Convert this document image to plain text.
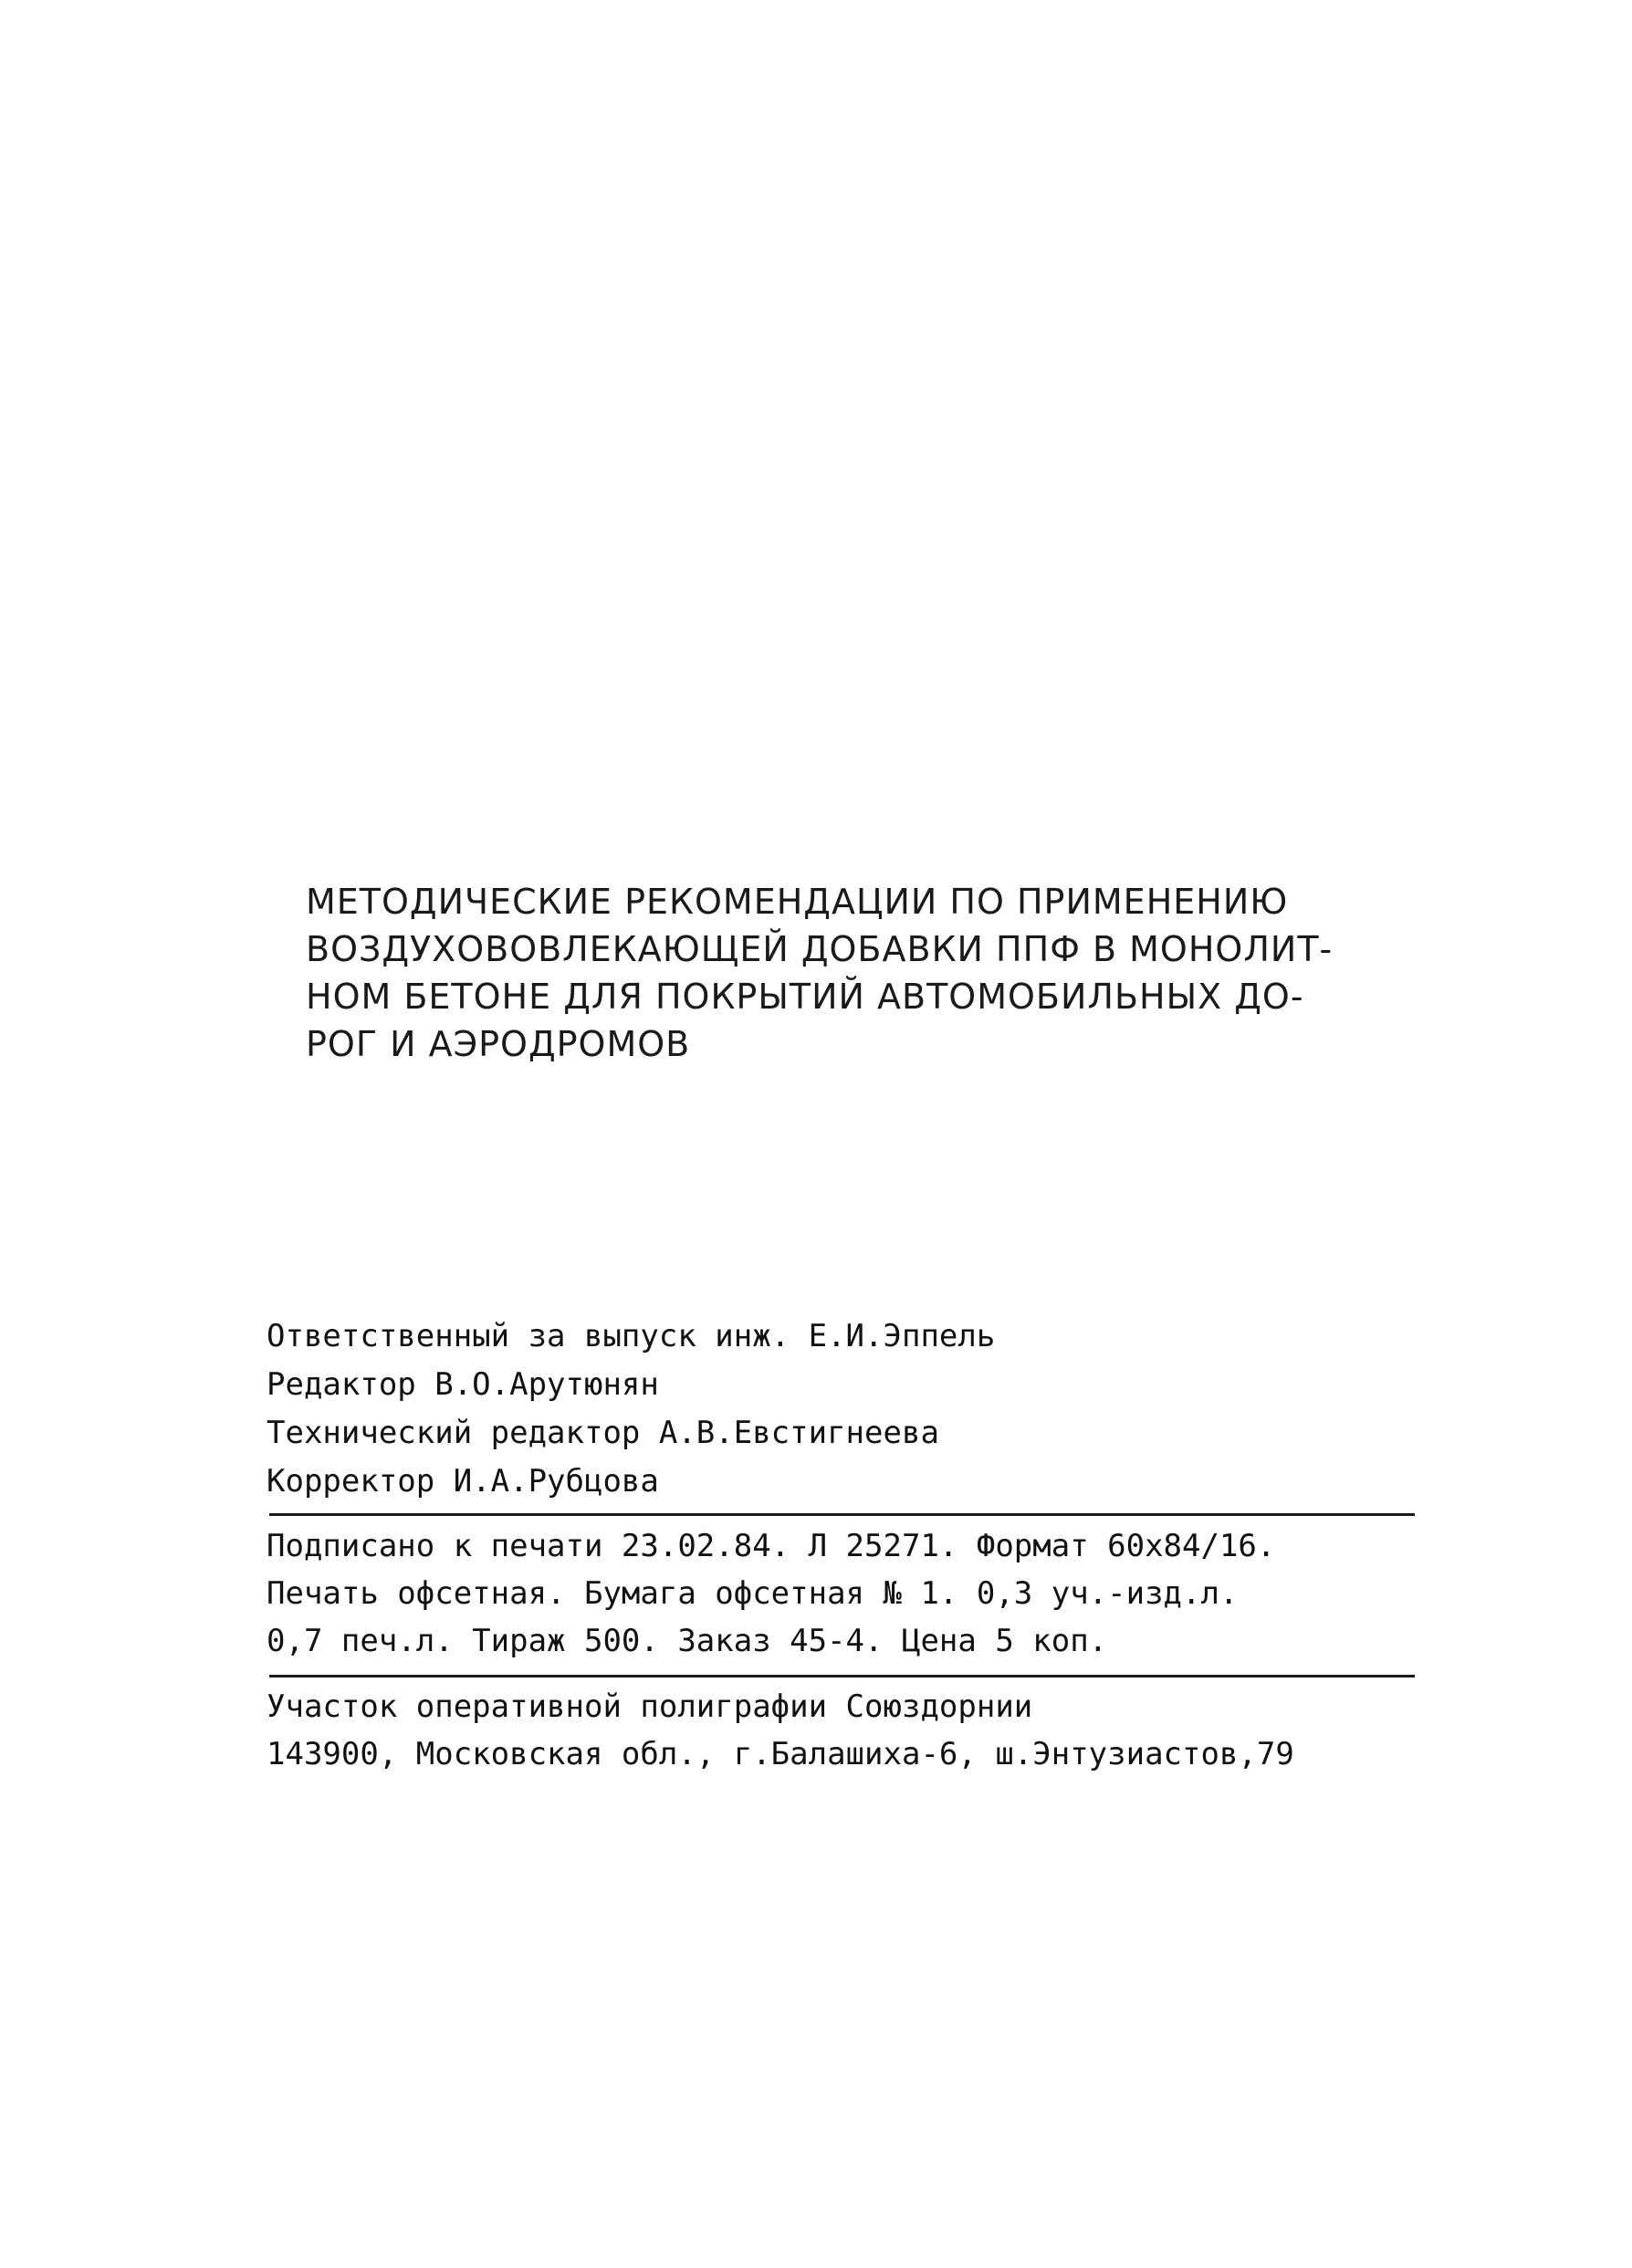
МЕТОДИЧЕСКИЕ РЕКОМЕНДАЦИИ ПО ПРИМЕНЕНИЮ
ВОЗДУХОВОВЛЕКАЮЩЕЙ ДОБАВКИ ППФ В МОНОЛИТ-
НОМ БЕТОНЕ ДЛЯ ПОКРЫТИЙ АВТОМОБИЛЬНЫХ ДО-
РОГ И АЭРОДРОМОВ
Ответственный за выпуск инж. Е.И.Эппель
Редактор В.О.Арутюнян
Технический редактор А.В.Евстигнеева
Корректор И.А.Рубцова
Подписано к печати 23.02.84. Л 25271. Формат 60х84/16.
Печать офсетная. Бумага офсетная № 1. 0,3 уч.-изд.л.
0,7 печ.л. Тираж 500. Заказ 45-4. Цена 5 коп.
Участок оперативной полиграфии Союздорнии
143900, Московская обл., г.Балашиха-6, ш.Энтузиастов,79
